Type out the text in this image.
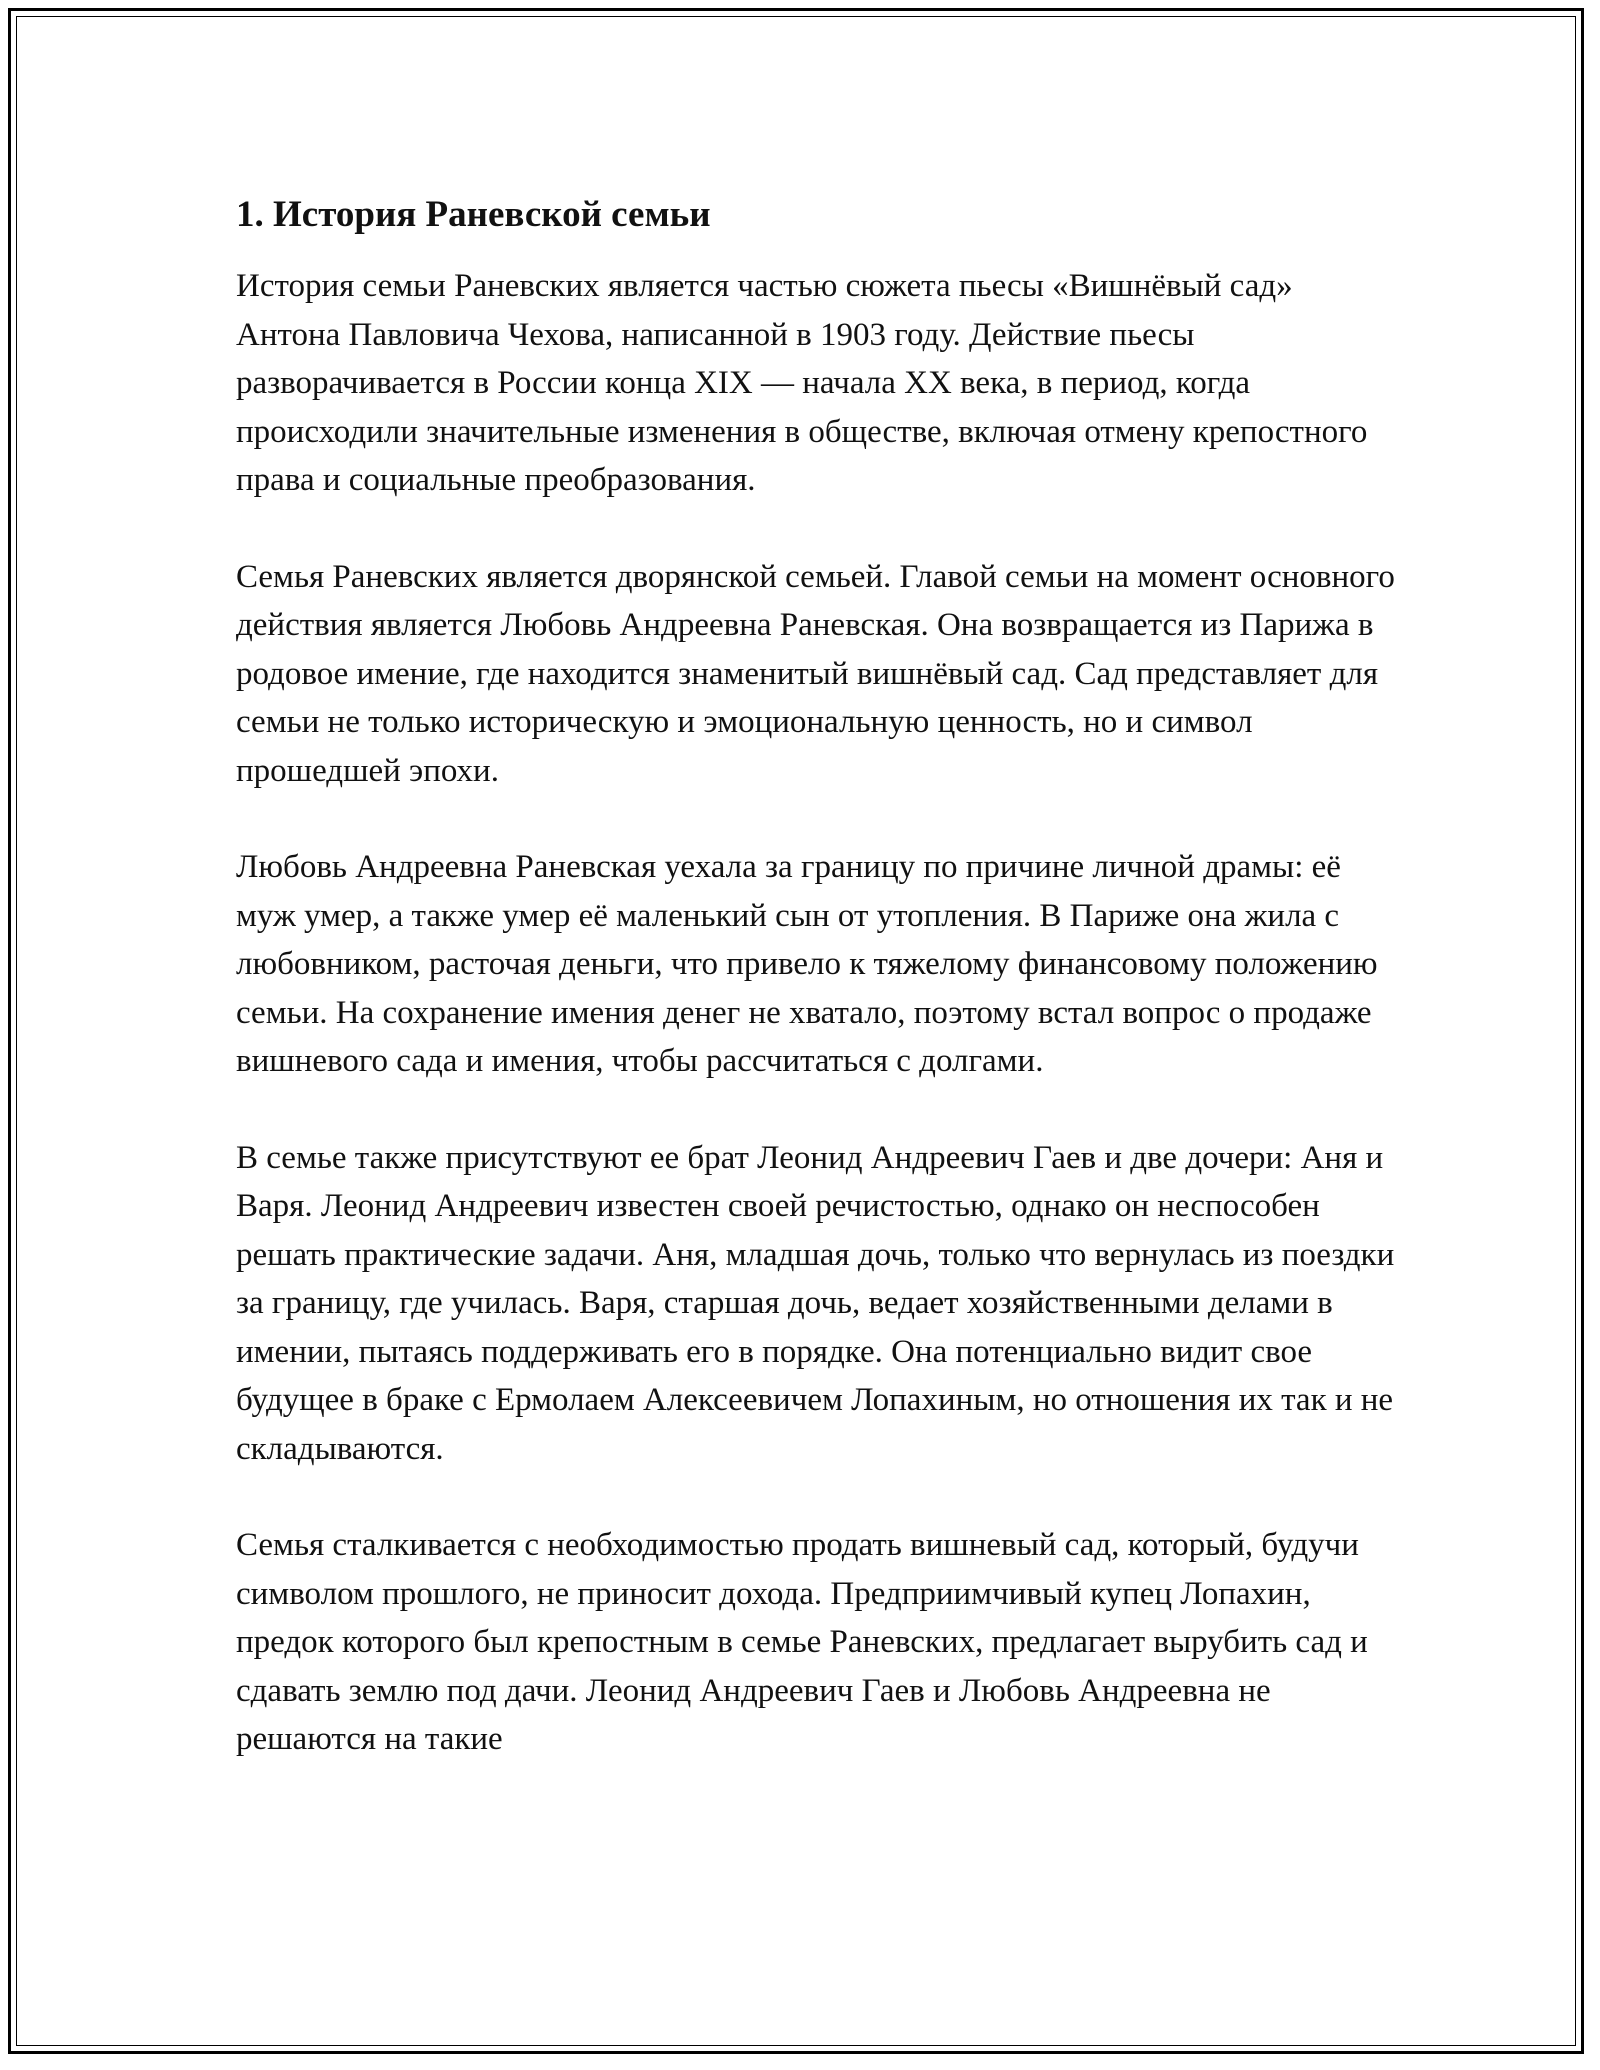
1. История Раневской семьи

История семьи Раневских является частью сюжета пьесы «Вишнёвый сад» Антона Павловича Чехова, написанной в 1903 году. Действие пьесы разворачивается в России конца XIX — начала XX века, в период, когда происходили значительные изменения в обществе, включая отмену крепостного права и социальные преобразования.

Семья Раневских является дворянской семьей. Главой семьи на момент основного действия является Любовь Андреевна Раневская. Она возвращается из Парижа в родовое имение, где находится знаменитый вишнёвый сад. Сад представляет для семьи не только историческую и эмоциональную ценность, но и символ прошедшей эпохи.

Любовь Андреевна Раневская уехала за границу по причине личной драмы: её муж умер, а также умер её маленький сын от утопления. В Париже она жила с любовником, расточая деньги, что привело к тяжелому финансовому положению семьи. На сохранение имения денег не хватало, поэтому встал вопрос о продаже вишневого сада и имения, чтобы рассчитаться с долгами.

В семье также присутствуют ее брат Леонид Андреевич Гаев и две дочери: Аня и Варя. Леонид Андреевич известен своей речистостью, однако он неспособен решать практические задачи. Аня, младшая дочь, только что вернулась из поездки за границу, где училась. Варя, старшая дочь, ведает хозяйственными делами в имении, пытаясь поддерживать его в порядке. Она потенциально видит свое будущее в браке с Ермолаем Алексеевичем Лопахиным, но отношения их так и не складываются.

Семья сталкивается с необходимостью продать вишневый сад, который, будучи символом прошлого, не приносит дохода. Предприимчивый купец Лопахин, предок которого был крепостным в семье Раневских, предлагает вырубить сад и сдавать землю под дачи. Леонид Андреевич Гаев и Любовь Андреевна не решаются на такие
